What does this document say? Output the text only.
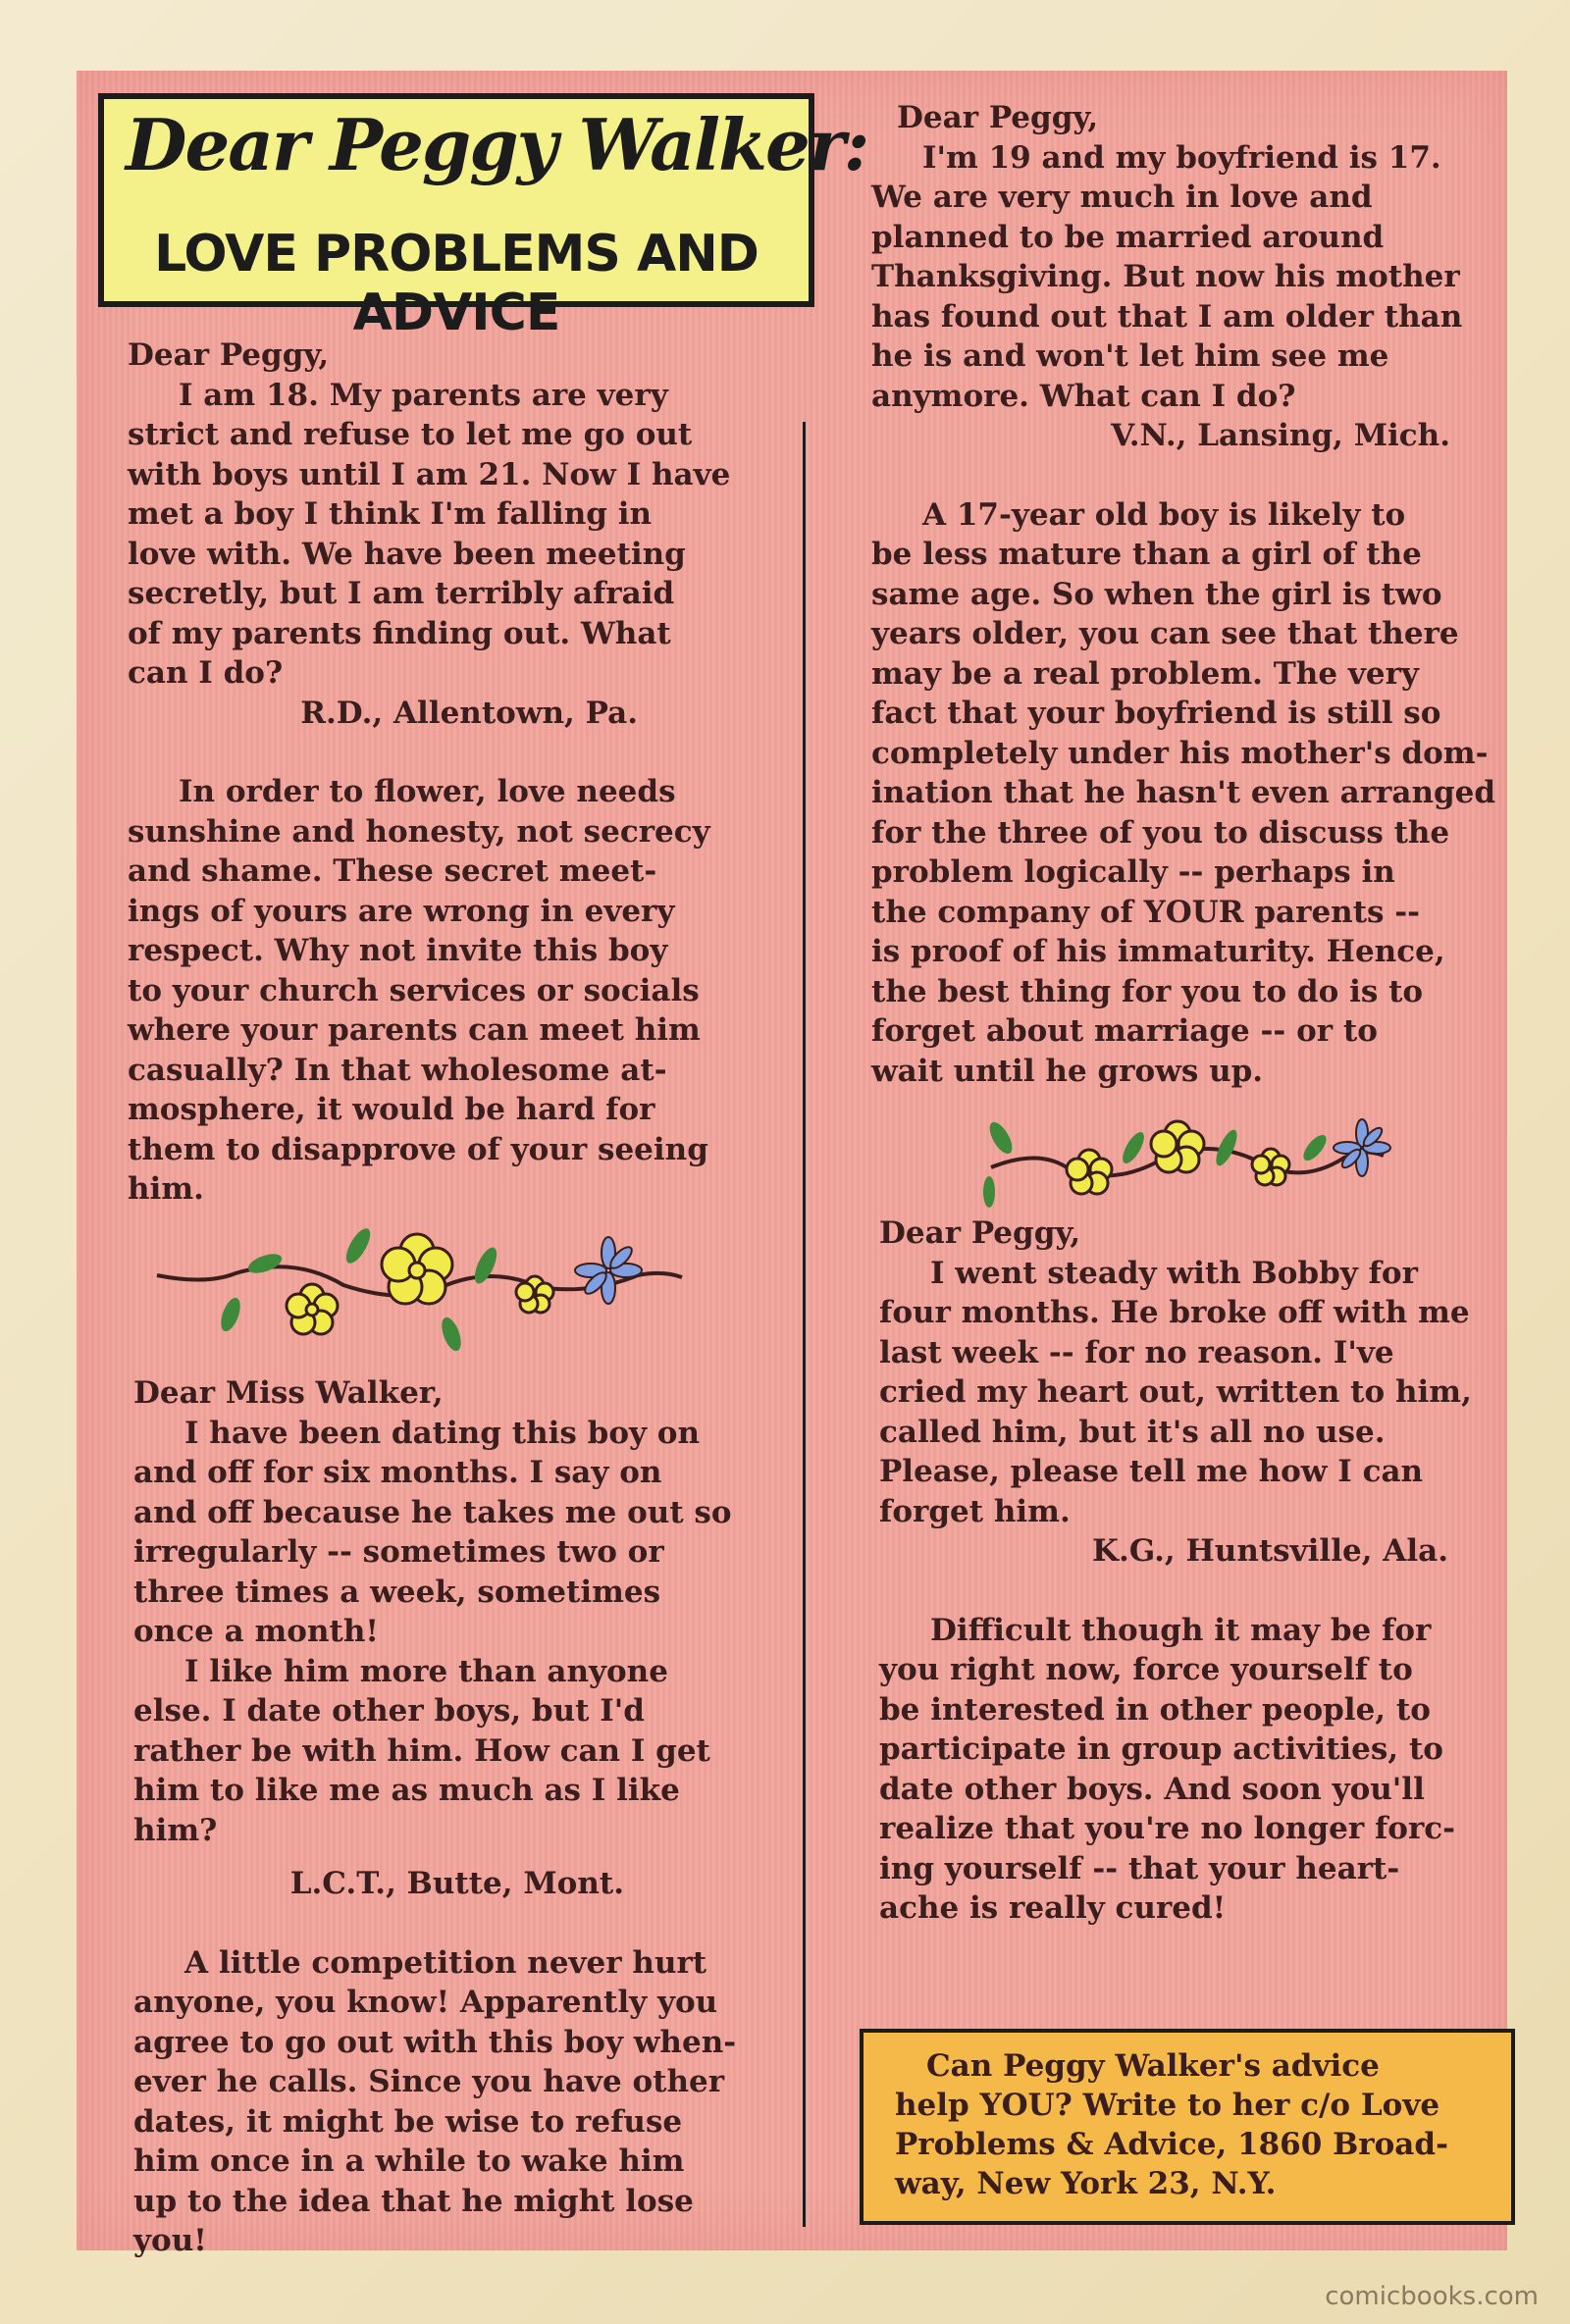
Dear Peggy Walker:
LOVE PROBLEMS AND ADVICE
Dear Peggy,
I am 18. My parents are very
strict and refuse to let me go out
with boys until I am 21. Now I have
met a boy I think I'm falling in
love with. We have been meeting
secretly, but I am terribly afraid
of my parents finding out. What
can I do?
R.D., Allentown, Pa.
In order to flower, love needs
sunshine and honesty, not secrecy
and shame. These secret meet-
ings of yours are wrong in every
respect. Why not invite this boy
to your church services or socials
where your parents can meet him
casually? In that wholesome at-
mosphere, it would be hard for
them to disapprove of your seeing
him.
Dear Miss Walker,
I have been dating this boy on
and off for six months. I say on
and off because he takes me out so
irregularly -- sometimes two or
three times a week, sometimes
once a month!
I like him more than anyone
else. I date other boys, but I'd
rather be with him. How can I get
him to like me as much as I like
him?
L.C.T., Butte, Mont.
A little competition never hurt
anyone, you know! Apparently you
agree to go out with this boy when-
ever he calls. Since you have other
dates, it might be wise to refuse
him once in a while to wake him
up to the idea that he might lose
you!
Dear Peggy,
I'm 19 and my boyfriend is 17.
We are very much in love and
planned to be married around
Thanksgiving. But now his mother
has found out that I am older than
he is and won't let him see me
anymore. What can I do?
V.N., Lansing, Mich.
A 17-year old boy is likely to
be less mature than a girl of the
same age. So when the girl is two
years older, you can see that there
may be a real problem. The very
fact that your boyfriend is still so
completely under his mother's dom-
ination that he hasn't even arranged
for the three of you to discuss the
problem logically -- perhaps in
the company of YOUR parents --
is proof of his immaturity. Hence,
the best thing for you to do is to
forget about marriage -- or to
wait until he grows up.
Dear Peggy,
I went steady with Bobby for
four months. He broke off with me
last week -- for no reason. I've
cried my heart out, written to him,
called him, but it's all no use.
Please, please tell me how I can
forget him.
K.G., Huntsville, Ala.
Difficult though it may be for
you right now, force yourself to
be interested in other people, to
participate in group activities, to
date other boys. And soon you'll
realize that you're no longer forc-
ing yourself -- that your heart-
ache is really cured!
Can Peggy Walker's advice
help YOU? Write to her c/o Love
Problems & Advice, 1860 Broad-
way, New York 23, N.Y.
comicbooks.com
